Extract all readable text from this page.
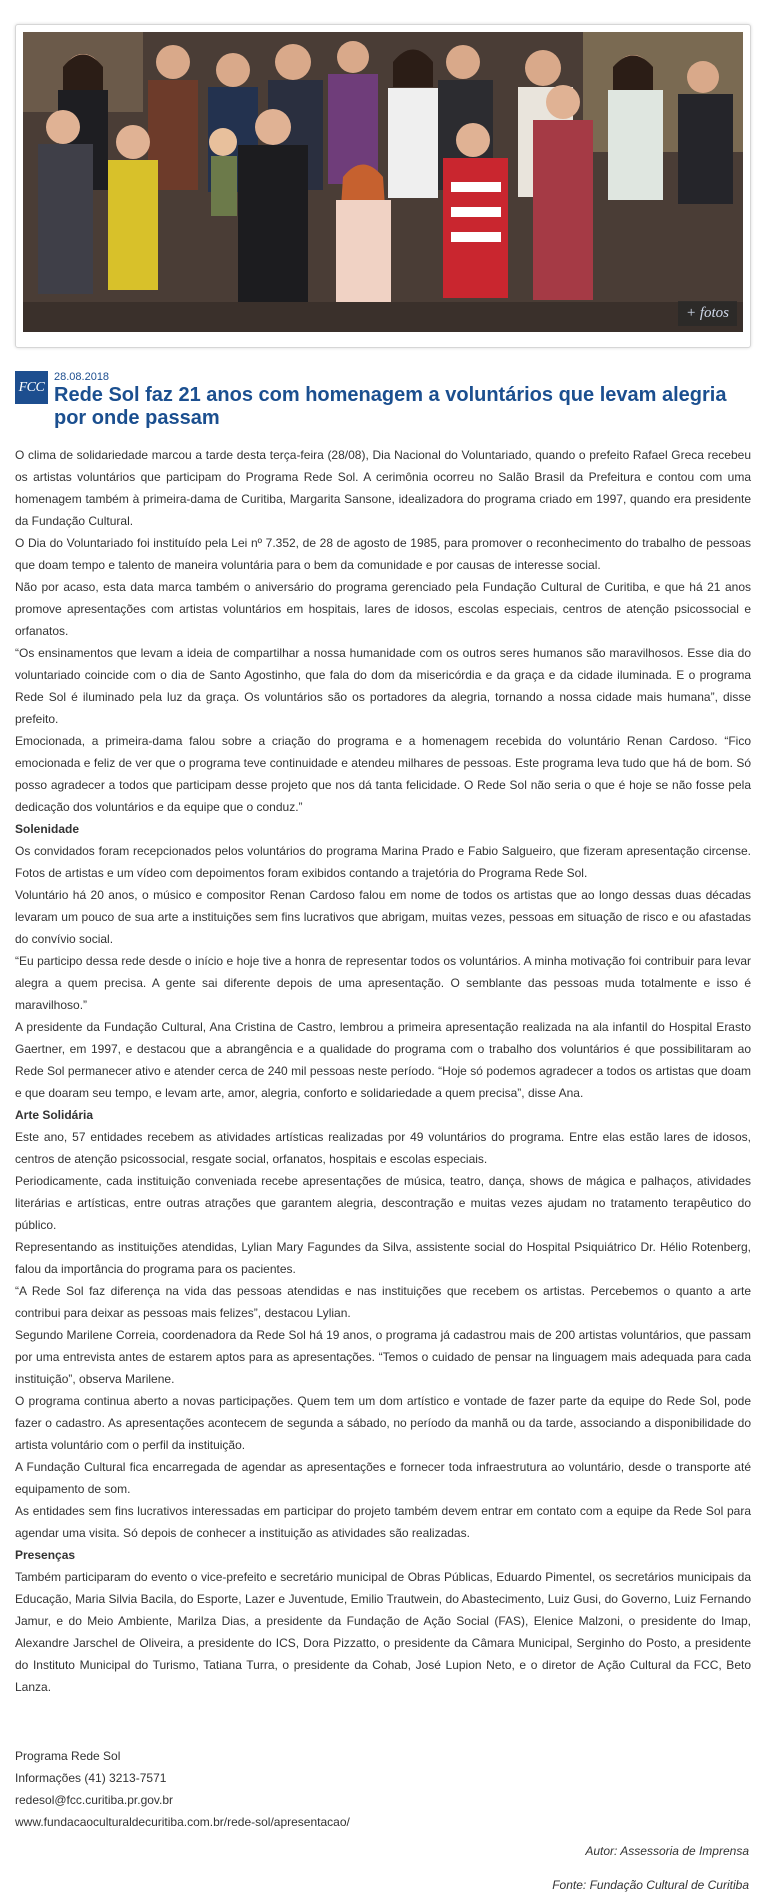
+ fotos
FCC
28.08.2018
Rede Sol faz 21 anos com homenagem a voluntários que levam alegria por onde passam

O clima de solidariedade marcou a tarde desta terça-feira (28/08), Dia Nacional do Voluntariado, quando o prefeito Rafael Greca recebeu os artistas voluntários que participam do Programa Rede Sol. A cerimônia ocorreu no Salão Brasil da Prefeitura e contou com uma homenagem também à primeira-dama de Curitiba, Margarita Sansone, idealizadora do programa criado em 1997, quando era presidente da Fundação Cultural.

O Dia do Voluntariado foi instituído pela Lei nº 7.352, de 28 de agosto de 1985, para promover o reconhecimento do trabalho de pessoas que doam tempo e talento de maneira voluntária para o bem da comunidade e por causas de interesse social.

Não por acaso, esta data marca também o aniversário do programa gerenciado pela Fundação Cultural de Curitiba, e que há 21 anos promove apresentações com artistas voluntários em hospitais, lares de idosos, escolas especiais, centros de atenção psicossocial e orfanatos.

“Os ensinamentos que levam a ideia de compartilhar a nossa humanidade com os outros seres humanos são maravilhosos. Esse dia do voluntariado coincide com o dia de Santo Agostinho, que fala do dom da misericórdia e da graça e da cidade iluminada. E o programa Rede Sol é iluminado pela luz da graça. Os voluntários são os portadores da alegria, tornando a nossa cidade mais humana”, disse prefeito.

Emocionada, a primeira-dama falou sobre a criação do programa e a homenagem recebida do voluntário Renan Cardoso. “Fico emocionada e feliz de ver que o programa teve continuidade e atendeu milhares de pessoas. Este programa leva tudo que há de bom. Só posso agradecer a todos que participam desse projeto que nos dá tanta felicidade. O Rede Sol não seria o que é hoje se não fosse pela dedicação dos voluntários e da equipe que o conduz.”

Solenidade

Os convidados foram recepcionados pelos voluntários do programa Marina Prado e Fabio Salgueiro, que fizeram apresentação circense. Fotos de artistas e um vídeo com depoimentos foram exibidos contando a trajetória do Programa Rede Sol.

Voluntário há 20 anos, o músico e compositor Renan Cardoso falou em nome de todos os artistas que ao longo dessas duas décadas levaram um pouco de sua arte a instituições sem fins lucrativos que abrigam, muitas vezes, pessoas em situação de risco e ou afastadas do convívio social.

“Eu participo dessa rede desde o início e hoje tive a honra de representar todos os voluntários. A minha motivação foi contribuir para levar alegra a quem precisa. A gente sai diferente depois de uma apresentação. O semblante das pessoas muda totalmente e isso é maravilhoso.”

A presidente da Fundação Cultural, Ana Cristina de Castro, lembrou a primeira apresentação realizada na ala infantil do Hospital Erasto Gaertner, em 1997, e destacou que a abrangência e a qualidade do programa com o trabalho dos voluntários é que possibilitaram ao Rede Sol permanecer ativo e atender cerca de 240 mil pessoas neste período. “Hoje só podemos agradecer a todos os artistas que doam e que doaram seu tempo, e levam arte, amor, alegria, conforto e solidariedade a quem precisa”, disse Ana.

Arte Solidária

Este ano, 57 entidades recebem as atividades artísticas realizadas por 49 voluntários do programa. Entre elas estão lares de idosos, centros de atenção psicossocial, resgate social, orfanatos, hospitais e escolas especiais.

Periodicamente, cada instituição conveniada recebe apresentações de música, teatro, dança, shows de mágica e palhaços, atividades literárias e artísticas, entre outras atrações que garantem alegria, descontração e muitas vezes ajudam no tratamento terapêutico do público.

Representando as instituições atendidas, Lylian Mary Fagundes da Silva, assistente social do Hospital Psiquiátrico Dr. Hélio Rotenberg, falou da importância do programa para os pacientes.

“A Rede Sol faz diferença na vida das pessoas atendidas e nas instituições que recebem os artistas. Percebemos o quanto a arte contribui para deixar as pessoas mais felizes”, destacou Lylian.

Segundo Marilene Correia, coordenadora da Rede Sol há 19 anos, o programa já cadastrou mais de 200 artistas voluntários, que passam por uma entrevista antes de estarem aptos para as apresentações. “Temos o cuidado de pensar na linguagem mais adequada para cada instituição”, observa Marilene.

O programa continua aberto a novas participações. Quem tem um dom artístico e vontade de fazer parte da equipe do Rede Sol, pode fazer o cadastro. As apresentações acontecem de segunda a sábado, no período da manhã ou da tarde, associando a disponibilidade do artista voluntário com o perfil da instituição.

A Fundação Cultural fica encarregada de agendar as apresentações e fornecer toda infraestrutura ao voluntário, desde o transporte até equipamento de som.

As entidades sem fins lucrativos interessadas em participar do projeto também devem entrar em contato com a equipe da Rede Sol para agendar uma visita. Só depois de conhecer a instituição as atividades são realizadas.

Presenças

Também participaram do evento o vice-prefeito e secretário municipal de Obras Públicas, Eduardo Pimentel, os secretários municipais da Educação, Maria Silvia Bacila, do Esporte, Lazer e Juventude, Emilio Trautwein, do Abastecimento, Luiz Gusi, do Governo, Luiz Fernando Jamur, e do Meio Ambiente, Marilza Dias, a presidente da Fundação de Ação Social (FAS), Elenice Malzoni, o presidente do Imap, Alexandre Jarschel de Oliveira, a presidente do ICS, Dora Pizzatto, o presidente da Câmara Municipal, Serginho do Posto, a presidente do Instituto Municipal do Turismo, Tatiana Turra, o presidente da Cohab, José Lupion Neto, e o diretor de Ação Cultural da FCC, Beto Lanza.

Programa Rede Sol
Informações (41) 3213-7571
redesol@fcc.curitiba.pr.gov.br
www.fundacaoculturaldecuritiba.com.br/rede-sol/apresentacao/
Autor: Assessoria de Imprensa
Fonte: Fundação Cultural de Curitiba
